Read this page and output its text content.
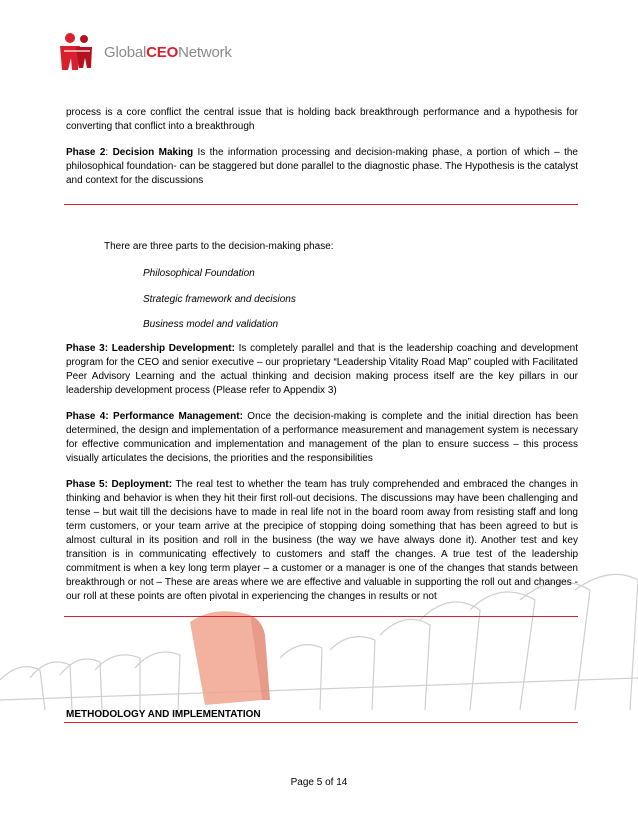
GlobalCEONetwork

process is a core conflict the central issue that is holding back breakthrough performance and a hypothesis for converting that conflict into a breakthrough

Phase 2: Decision Making Is the information processing and decision-making phase, a portion of which – the philosophical foundation- can be staggered but done parallel to the diagnostic phase. The Hypothesis is the catalyst and context for the discussions

There are three parts to the decision-making phase:
Philosophical Foundation
Strategic framework and decisions
Business model and validation

Phase 3: Leadership Development: Is completely parallel and that is the leadership coaching and development program for the CEO and senior executive – our proprietary “Leadership Vitality Road Map” coupled with Facilitated Peer Advisory Learning and the actual thinking and decision making process itself are the key pillars in our leadership development process (Please refer to Appendix 3)

Phase 4: Performance Management: Once the decision-making is complete and the initial direction has been determined, the design and implementation of a performance measurement and management system is necessary for effective communication and implementation and management of the plan to ensure success – this process visually articulates the decisions, the priorities and the responsibilities

Phase 5: Deployment: The real test to whether the team has truly comprehended and embraced the changes in thinking and behavior is when they hit their first roll-out decisions. The discussions may have been challenging and tense – but wait till the decisions have to made in real life not in the board room away from resisting staff and long term customers, or your team arrive at the precipice of stopping doing something that has been agreed to but is almost cultural in its position and roll in the business (the way we have always done it). Another test and key transition is in communicating effectively to customers and staff the changes. A true test of the leadership commitment is when a key long term player – a customer or a manager is one of the changes that stands between breakthrough or not – These are areas where we are effective and valuable in supporting the roll out and changes - our roll at these points are often pivotal in experiencing the changes in results or not

METHODOLOGY AND IMPLEMENTATION
Page 5 of 14
